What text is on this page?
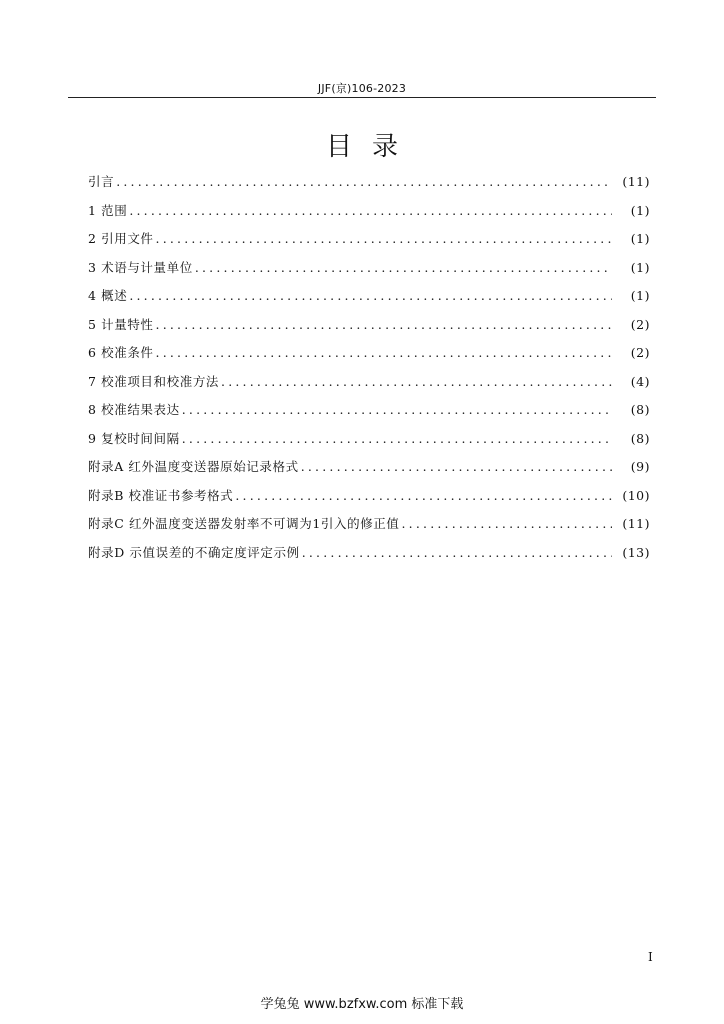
JJF(京)106-2023
目录
引言 .....	(11)
1 范围 .....	(1)
2 引用文件 .....	(1)
3 术语与计量单位 .....	(1)
4 概述 .....	(1)
5 计量特性 .....	(2)
6 校准条件 .....	(2)
7 校准项目和校准方法 .....	(4)
8 校准结果表达 .....	(8)
9 复校时间间隔 .....	(8)
附录A 红外温度变送器原始记录格式 .....	(9)
附录B 校准证书参考格式 .....	(10)
附录C 红外温度变送器发射率不可调为1引入的修正值 .....	(11)
附录D 示值误差的不确定度评定示例 .....	(13)
I
学兔兔 www.bzfxw.com 标准下载
